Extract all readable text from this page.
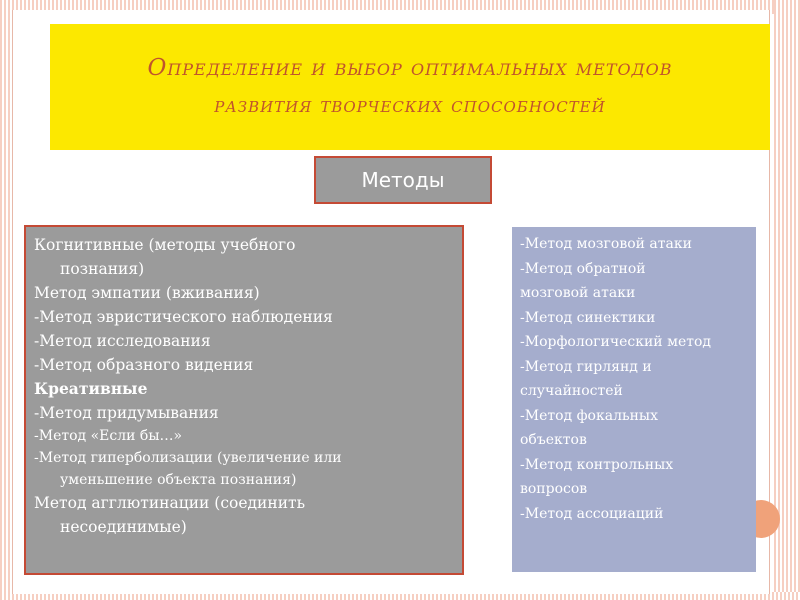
Определение и выбор оптимальных методов
развития творческих способностей
Методы
Когнитивные (методы учебного
познания)
Метод эмпатии (вживания)
-Метод эвристического наблюдения
-Метод исследования
-Метод образного видения
Креативные
-Метод придумывания
-Метод «Если бы…»
-Метод гиперболизации (увеличение или
уменьшение объекта познания)
Метод агглютинации (соединить
несоединимые)
-Метод мозговой атаки
-Метод обратной
мозговой атаки
-Метод синектики
-Морфологический метод
-Метод гирлянд и
случайностей
-Метод фокальных
объектов
-Метод контрольных
вопросов
-Метод ассоциаций
